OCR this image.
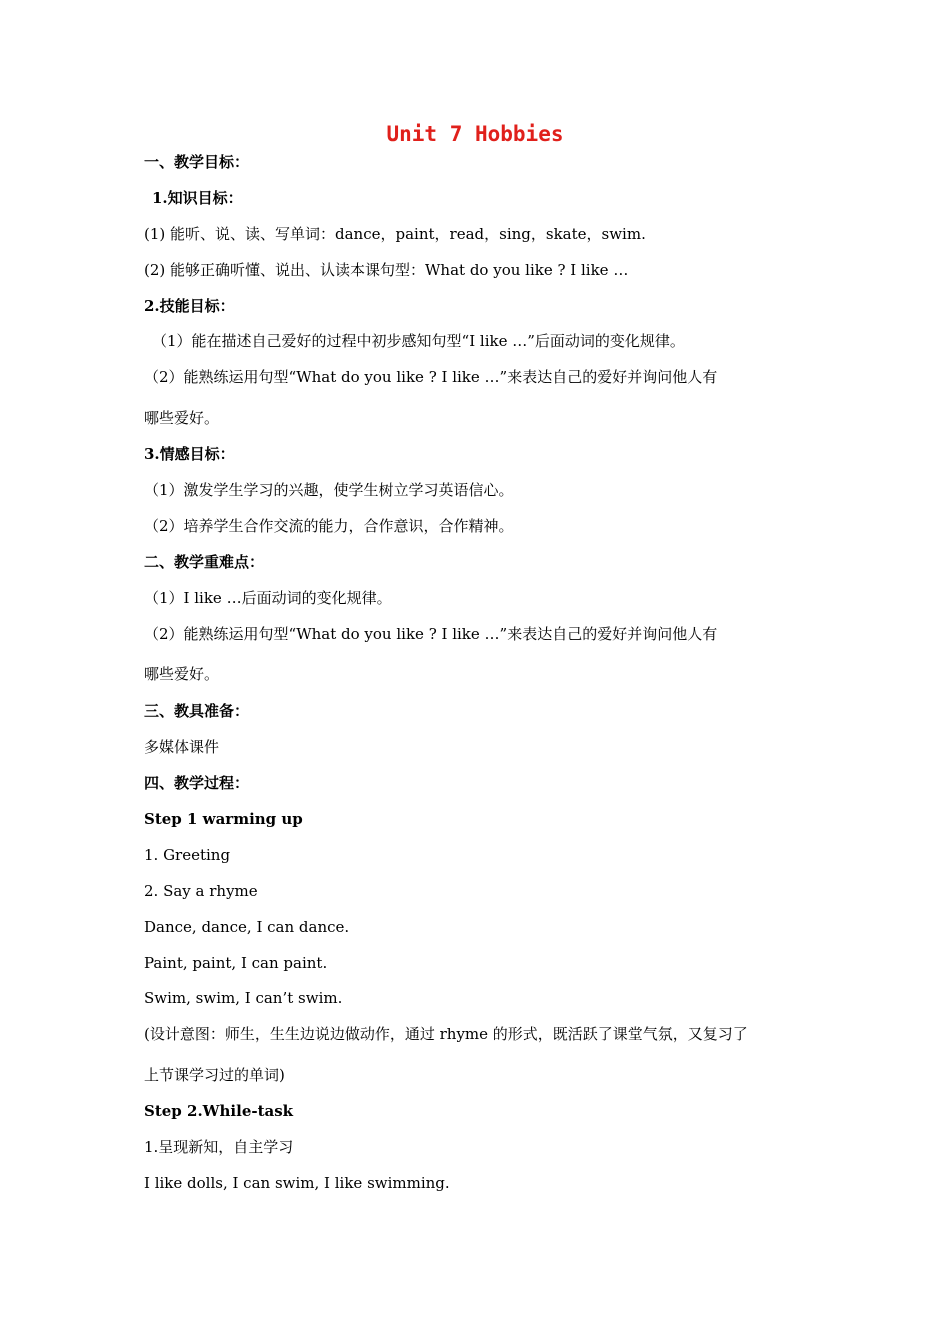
Unit 7 Hobbies

一、教学目标：

1.知识目标：

(1) 能听、说、读、写单词：dance，paint，read，sing，skate，swim.

(2) 能够正确听懂、说出、认读本课句型：What do you like ? I like …

2.技能目标：

（1）能在描述自己爱好的过程中初步感知句型“I like …”后面动词的变化规律。

（2）能熟练运用句型“What do you like ? I like …”来表达自己的爱好并询问他人有

哪些爱好。

3.情感目标：

（1）激发学生学习的兴趣，使学生树立学习英语信心。

（2）培养学生合作交流的能力，合作意识，合作精神。

二、教学重难点：

（1）I like …后面动词的变化规律。

（2）能熟练运用句型“What do you like ? I like …”来表达自己的爱好并询问他人有

哪些爱好。

三、教具准备：

多媒体课件

四、教学过程：

Step 1 warming up

1. Greeting

2. Say a rhyme

Dance, dance, I can dance.

Paint, paint, I can paint.

Swim, swim, I can’t swim.

(设计意图：师生，生生边说边做动作，通过 rhyme 的形式，既活跃了课堂气氛，又复习了

上节课学习过的单词)

Step 2.While-task

1.呈现新知，自主学习

I like dolls, I can swim, I like swimming.
